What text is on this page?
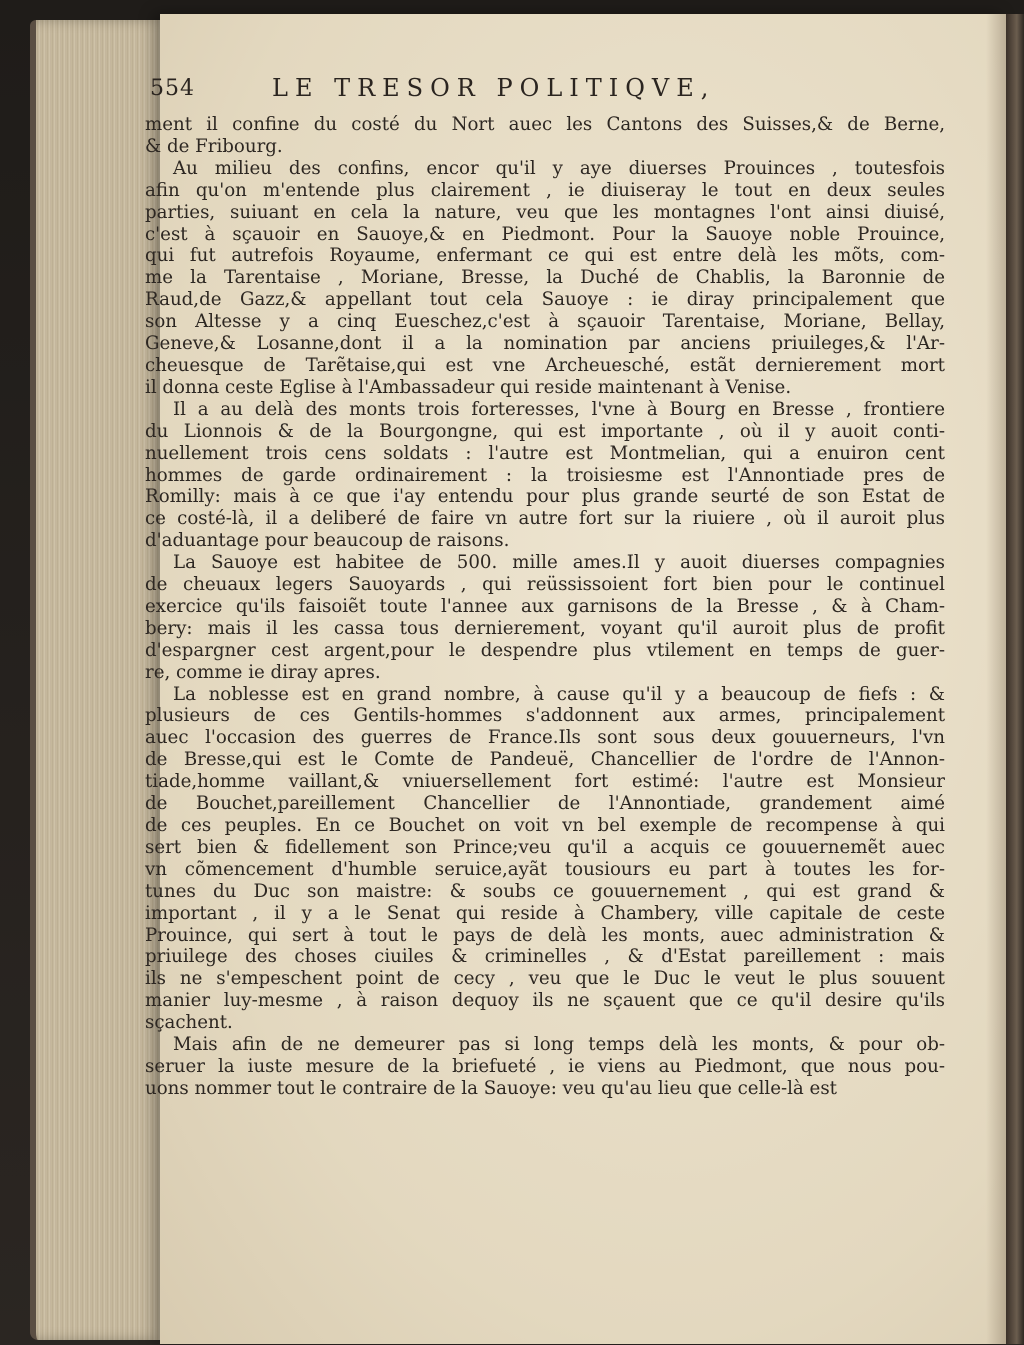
554	LE TRESOR POLITIQVE,
ment il confine du costé du Nort auec les Cantons des Suisses,& de Berne,
& de Fribourg.
Au milieu des confins, encor qu'il y aye diuerses Prouinces , toutesfois
afin qu'on m'entende plus clairement , ie diuiseray le tout en deux seules
parties, suiuant en cela la nature, veu que les montagnes l'ont ainsi diuisé,
c'est à sçauoir en Sauoye,& en Piedmont. Pour la Sauoye noble Prouince,
qui fut autrefois Royaume, enfermant ce qui est entre delà les mõts, com-
me la Tarentaise , Moriane, Bresse, la Duché de Chablis, la Baronnie de
Raud,de Gazz,& appellant tout cela Sauoye : ie diray principalement que
son Altesse y a cinq Eueschez,c'est à sçauoir Tarentaise, Moriane, Bellay,
Geneve,& Losanne,dont il a la nomination par anciens priuileges,& l'Ar-
cheuesque de Tarẽtaise,qui est vne Archeuesché, estãt dernierement mort
il donna ceste Eglise à l'Ambassadeur qui reside maintenant à Venise.
Il a au delà des monts trois forteresses, l'vne à Bourg en Bresse , frontiere
du Lionnois & de la Bourgongne, qui est importante , où il y auoit conti-
nuellement trois cens soldats : l'autre est Montmelian, qui a enuiron cent
hommes de garde ordinairement : la troisiesme est l'Annontiade pres de
Romilly: mais à ce que i'ay entendu pour plus grande seurté de son Estat de
ce costé-là, il a deliberé de faire vn autre fort sur la riuiere , où il auroit plus
d'aduantage pour beaucoup de raisons.
La Sauoye est habitee de 500. mille ames.Il y auoit diuerses compagnies
de cheuaux legers Sauoyards , qui reüssissoient fort bien pour le continuel
exercice qu'ils faisoiẽt toute l'annee aux garnisons de la Bresse , & à Cham-
bery: mais il les cassa tous dernierement, voyant qu'il auroit plus de profit
d'espargner cest argent,pour le despendre plus vtilement en temps de guer-
re, comme ie diray apres.
La noblesse est en grand nombre, à cause qu'il y a beaucoup de fiefs : &
plusieurs de ces Gentils-hommes s'addonnent aux armes, principalement
auec l'occasion des guerres de France.Ils sont sous deux gouuerneurs, l'vn
de Bresse,qui est le Comte de Pandeuë, Chancellier de l'ordre de l'Annon-
tiade,homme vaillant,& vniuersellement fort estimé: l'autre est Monsieur
de Bouchet,pareillement Chancellier de l'Annontiade, grandement aimé
de ces peuples. En ce Bouchet on voit vn bel exemple de recompense à qui
sert bien & fidellement son Prince;veu qu'il a acquis ce gouuernemẽt auec
vn cõmencement d'humble seruice,ayãt tousiours eu part à toutes les for-
tunes du Duc son maistre: & soubs ce gouuernement , qui est grand &
important , il y a le Senat qui reside à Chambery, ville capitale de ceste
Prouince, qui sert à tout le pays de delà les monts, auec administration &
priuilege des choses ciuiles & criminelles , & d'Estat pareillement : mais
ils ne s'empeschent point de cecy , veu que le Duc le veut le plus souuent
manier luy-mesme , à raison dequoy ils ne sçauent que ce qu'il desire qu'ils
sçachent.
Mais afin de ne demeurer pas si long temps delà les monts, & pour ob-
seruer la iuste mesure de la briefueté , ie viens au Piedmont, que nous pou-
uons nommer tout le contraire de la Sauoye: veu qu'au lieu que celle-là est
